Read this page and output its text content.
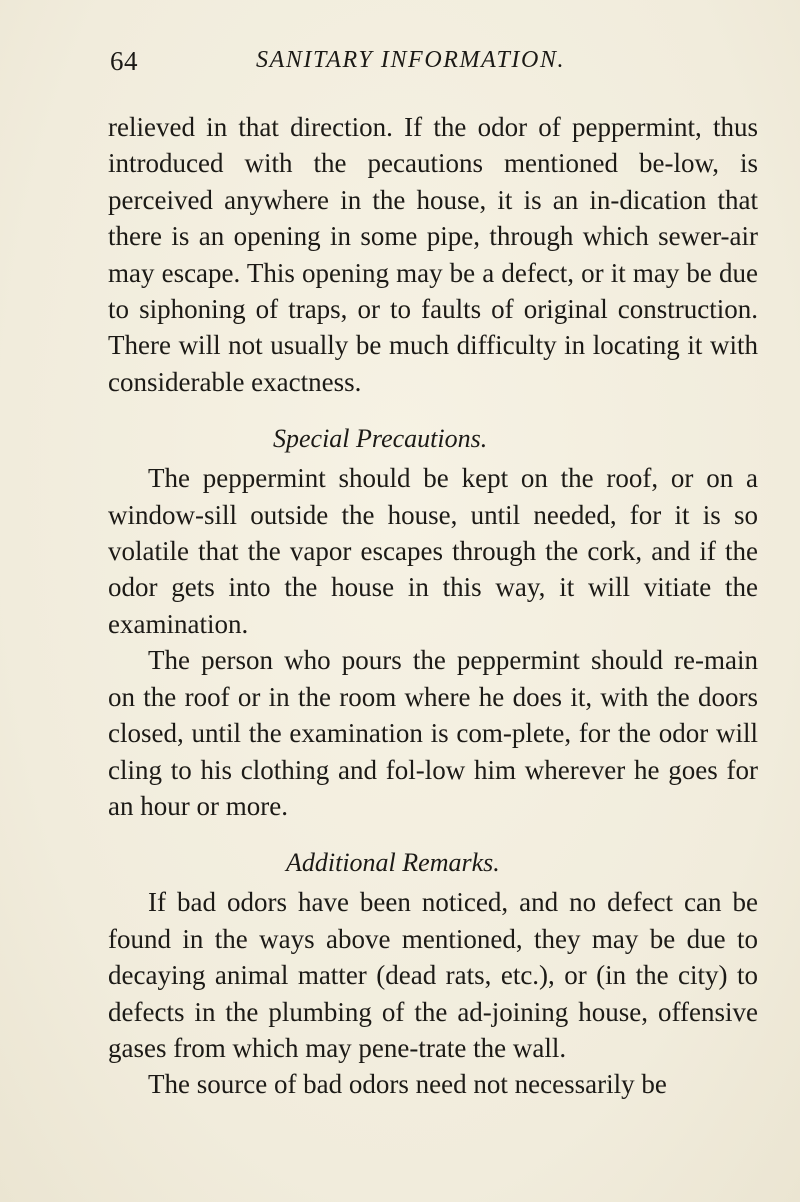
64	SANITARY INFORMATION.

relieved in that direction. If the odor of peppermint, thus introduced with the pecautions mentioned be-low, is perceived anywhere in the house, it is an in-dication that there is an opening in some pipe, through which sewer-air may escape. This opening may be a defect, or it may be due to siphoning of traps, or to faults of original construction. There will not usually be much difficulty in locating it with considerable exactness.

Special Precautions.

The peppermint should be kept on the roof, or on a window-sill outside the house, until needed, for it is so volatile that the vapor escapes through the cork, and if the odor gets into the house in this way, it will vitiate the examination.

The person who pours the peppermint should re-main on the roof or in the room where he does it, with the doors closed, until the examination is com-plete, for the odor will cling to his clothing and fol-low him wherever he goes for an hour or more.

Additional Remarks.

If bad odors have been noticed, and no defect can be found in the ways above mentioned, they may be due to decaying animal matter (dead rats, etc.), or (in the city) to defects in the plumbing of the ad-joining house, offensive gases from which may pene-trate the wall.

The source of bad odors need not necessarily be
